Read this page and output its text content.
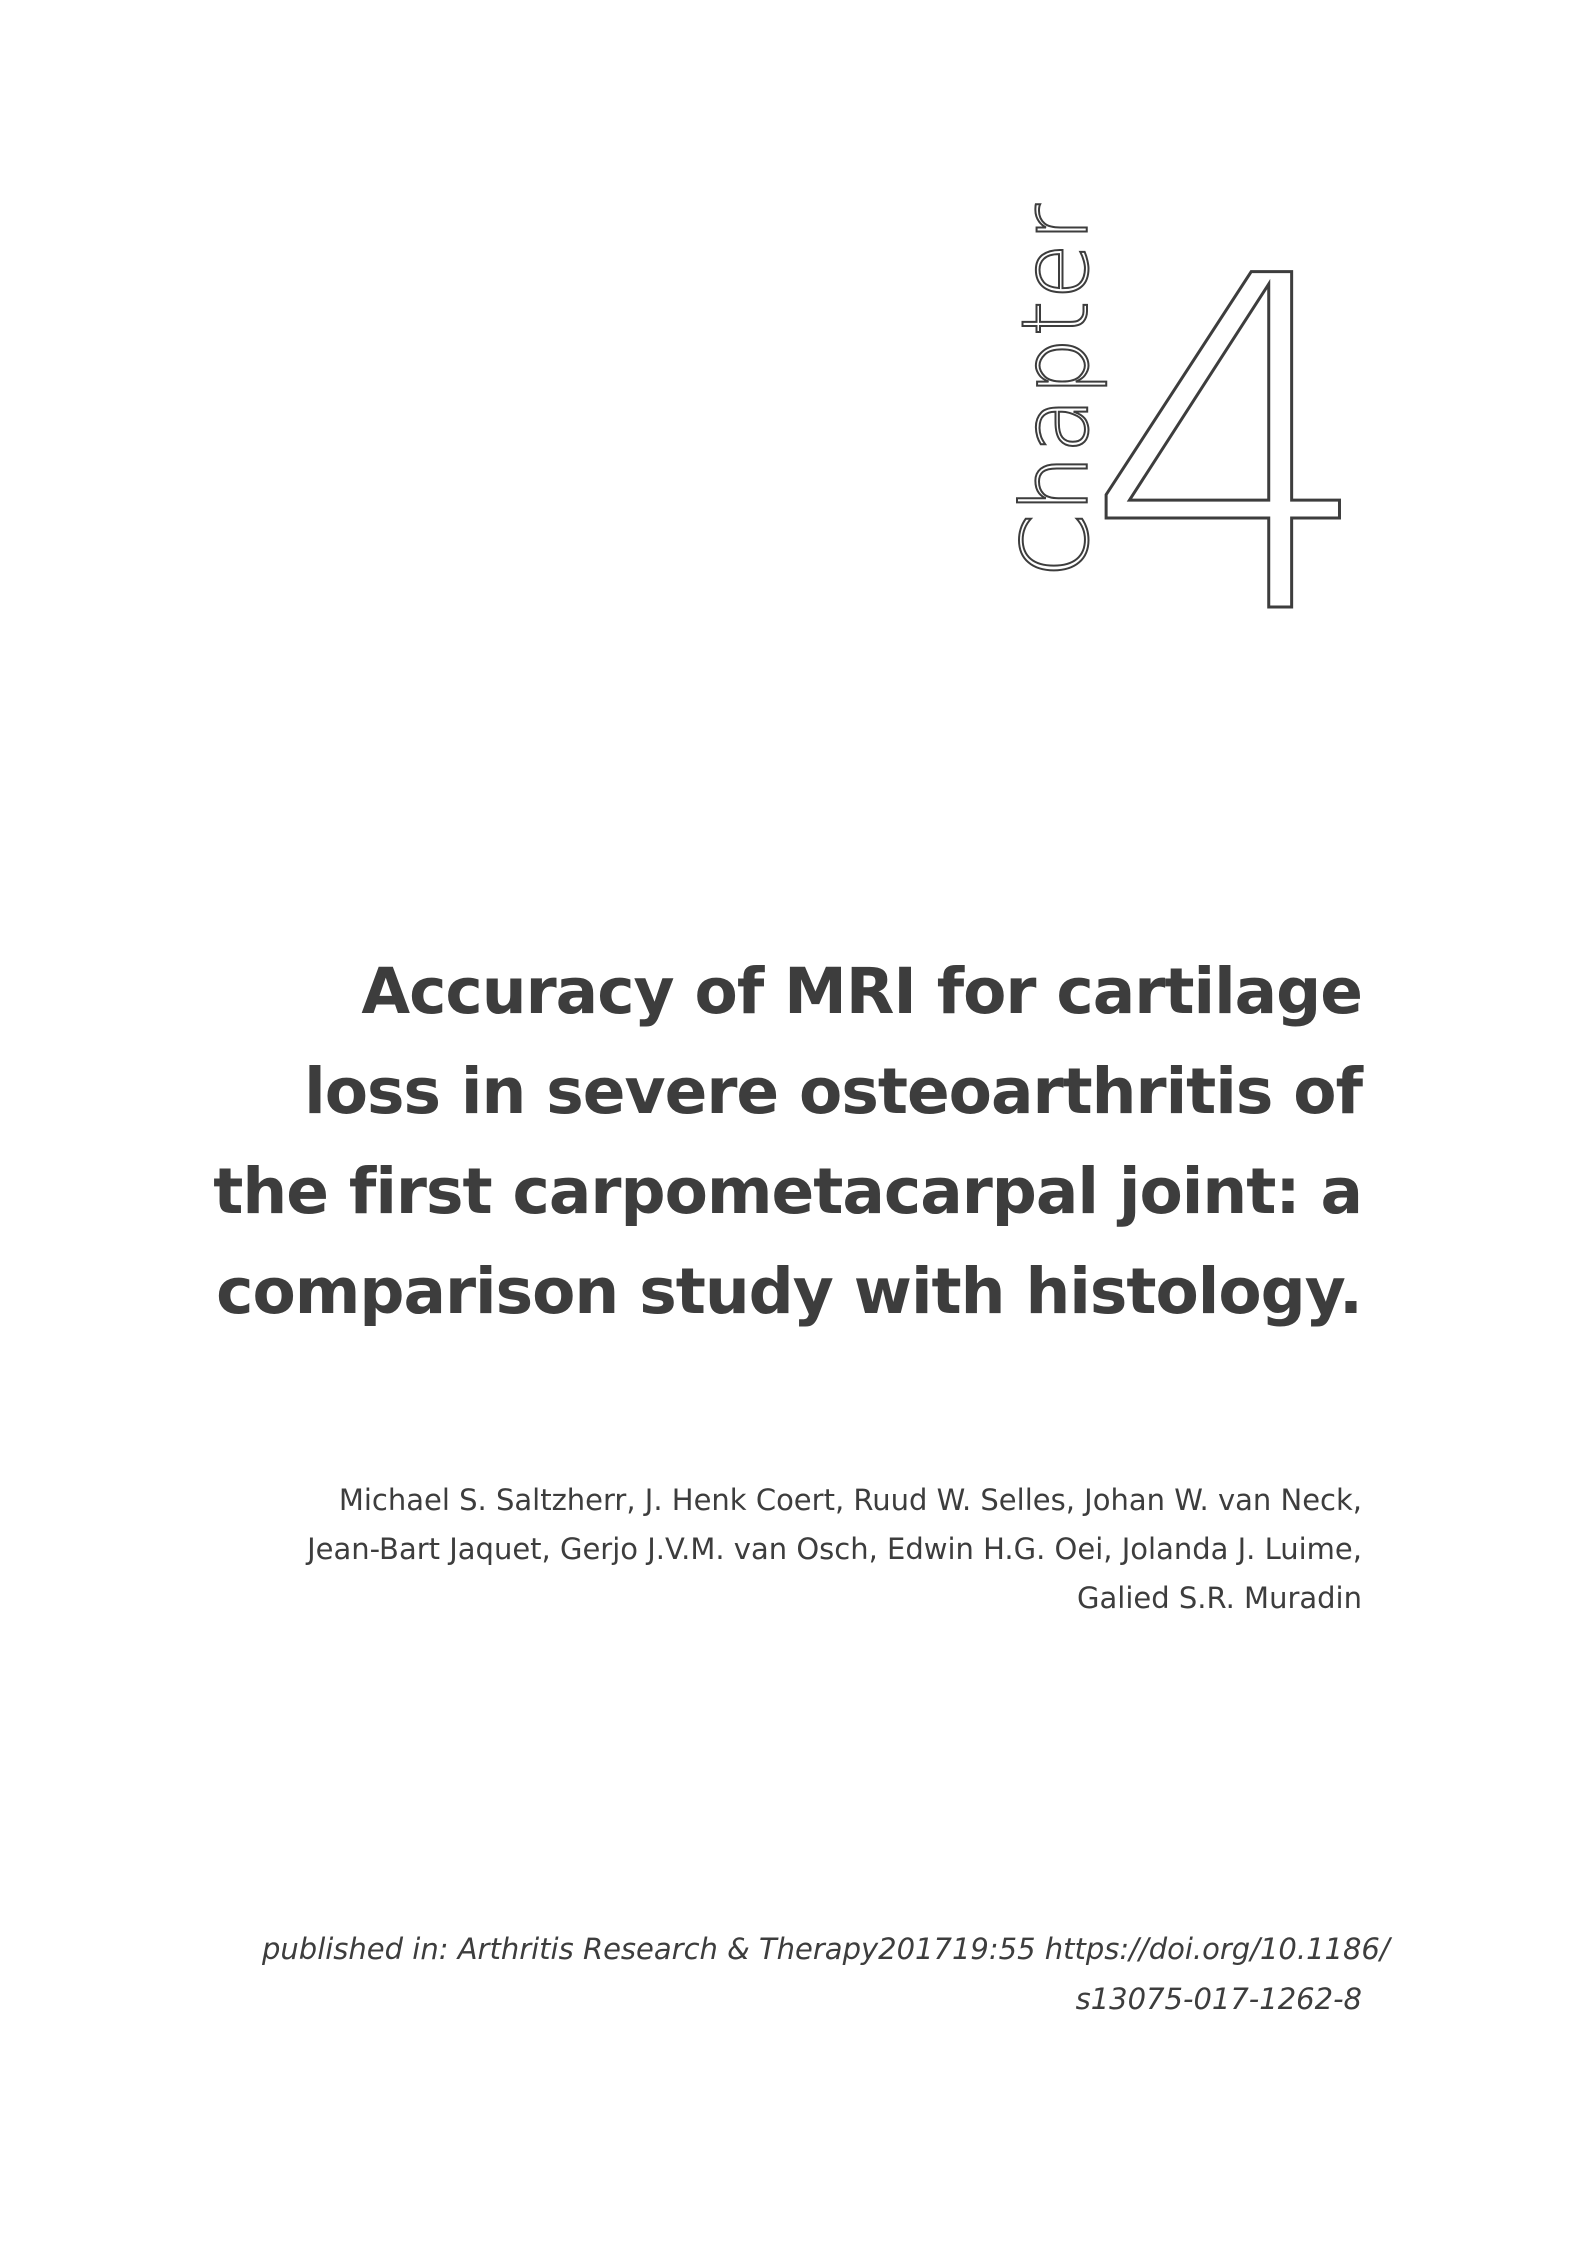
Chapter
4
Accuracy of MRI for cartilage
loss in severe osteoarthritis of
the first carpometacarpal joint: a
comparison study with histology.
Michael S. Saltzherr, J. Henk Coert, Ruud W. Selles, Johan W. van Neck,
Jean-Bart Jaquet, Gerjo J.V.M. van Osch, Edwin H.G. Oei, Jolanda J. Luime,
Galied S.R. Muradin
published in: Arthritis Research & Therapy201719:55 https://doi.org/10.1186/
s13075-017-1262-8
